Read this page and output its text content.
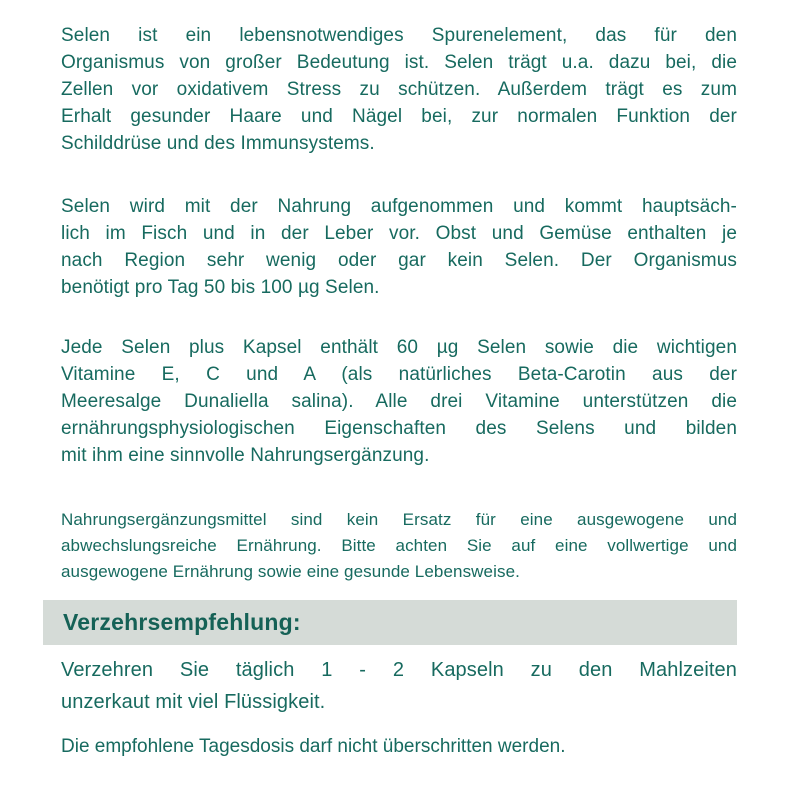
Selen ist ein lebensnotwendiges Spurenelement, das für den
Organismus von großer Bedeutung ist. Selen trägt u.a. dazu bei, die
Zellen vor oxidativem Stress zu schützen. Außerdem trägt es zum
Erhalt gesunder Haare und Nägel bei, zur normalen Funktion der
Schilddrüse und des Immunsystems.
Selen wird mit der Nahrung aufgenommen und kommt hauptsäch-
lich im Fisch und in der Leber vor. Obst und Gemüse enthalten je
nach Region sehr wenig oder gar kein Selen. Der Organismus
benötigt pro Tag 50 bis 100 µg Selen.
Jede Selen plus Kapsel enthält 60 µg Selen sowie die wichtigen
Vitamine E, C und A (als natürliches Beta-Carotin aus der
Meeresalge Dunaliella salina). Alle drei Vitamine unterstützen die
ernährungsphysiologischen Eigenschaften des Selens und bilden
mit ihm eine sinnvolle Nahrungsergänzung.
Nahrungsergänzungsmittel sind kein Ersatz für eine ausgewogene und
abwechslungsreiche Ernährung. Bitte achten Sie auf eine vollwertige und
ausgewogene Ernährung sowie eine gesunde Lebensweise.
Verzehrsempfehlung:
Verzehren Sie täglich 1 - 2 Kapseln zu den Mahlzeiten
unzerkaut mit viel Flüssigkeit.
Die empfohlene Tagesdosis darf nicht überschritten werden.
